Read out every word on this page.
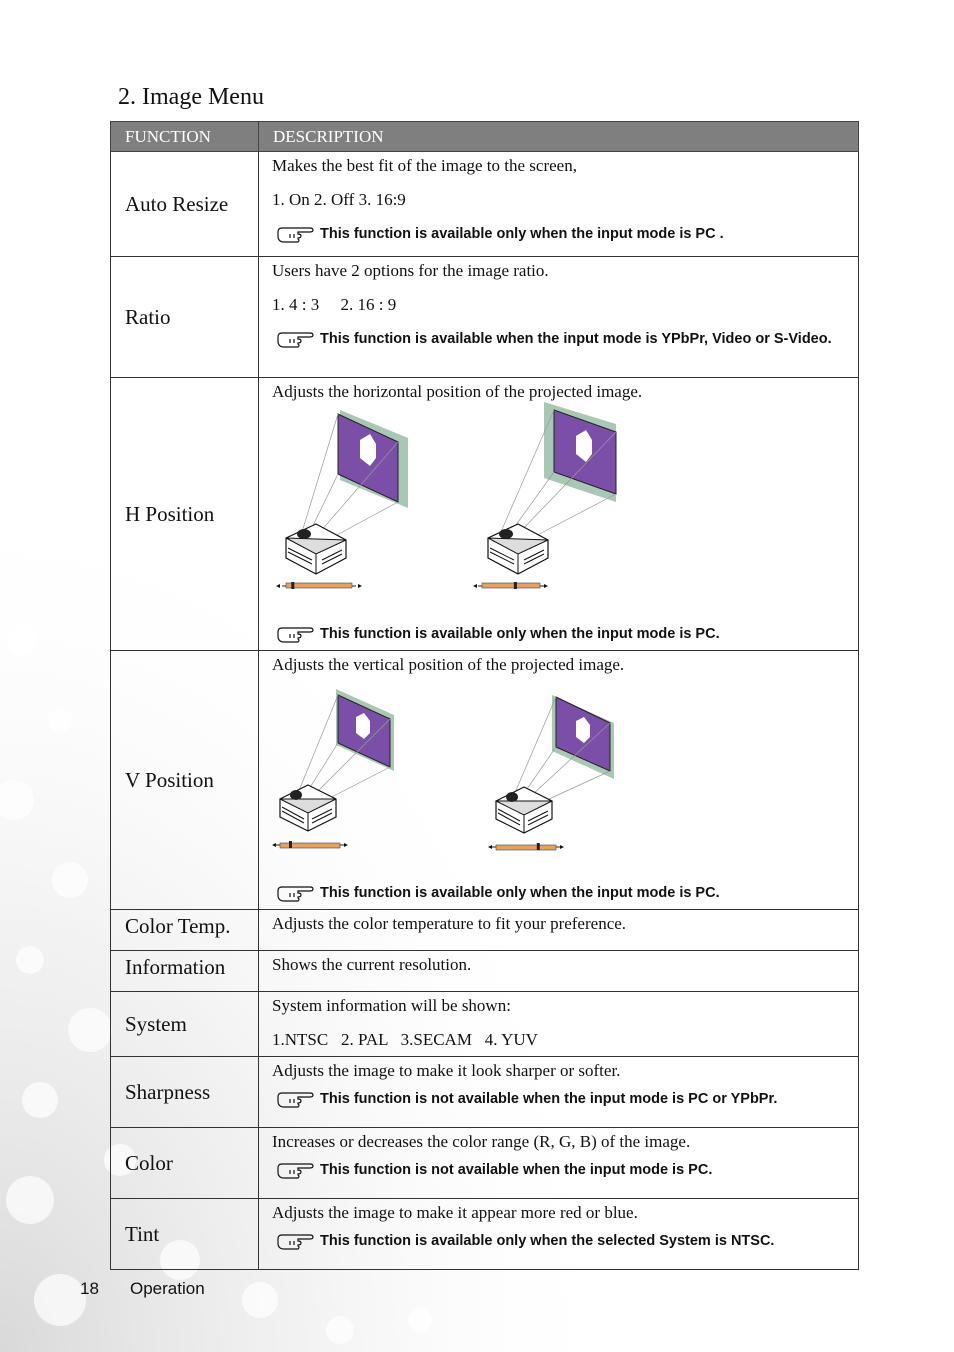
2. Image Menu
FUNCTION	DESCRIPTION
Auto Resize	Makes the best fit of the image to the screen,
1. On 2. Off 3. 16:9
This function is available only when the input mode is PC .

Ratio	Users have 2 options for the image ratio.
1. 4 : 3     2. 16 : 9
This function is available when the input mode is YPbPr, Video or S-Video.

H Position	Adjusts the horizontal position of the projected image.
This function is available only when the input mode is PC.

V Position	Adjusts the vertical position of the projected image.
This function is available only when the input mode is PC.

Color Temp.	Adjusts the color temperature to fit your preference.

Information	Shows the current resolution.

System	System information will be shown:
1.NTSC   2. PAL   3.SECAM   4. YUV

Sharpness	Adjusts the image to make it look sharper or softer.
This function is not available when the input mode is PC or YPbPr.

Color	Increases or decreases the color range (R, G, B) of the image.
This function is not available when the input mode is PC.

Tint	Adjusts the image to make it appear more red or blue.
This function is available only when the selected System is NTSC.
18 Operation
